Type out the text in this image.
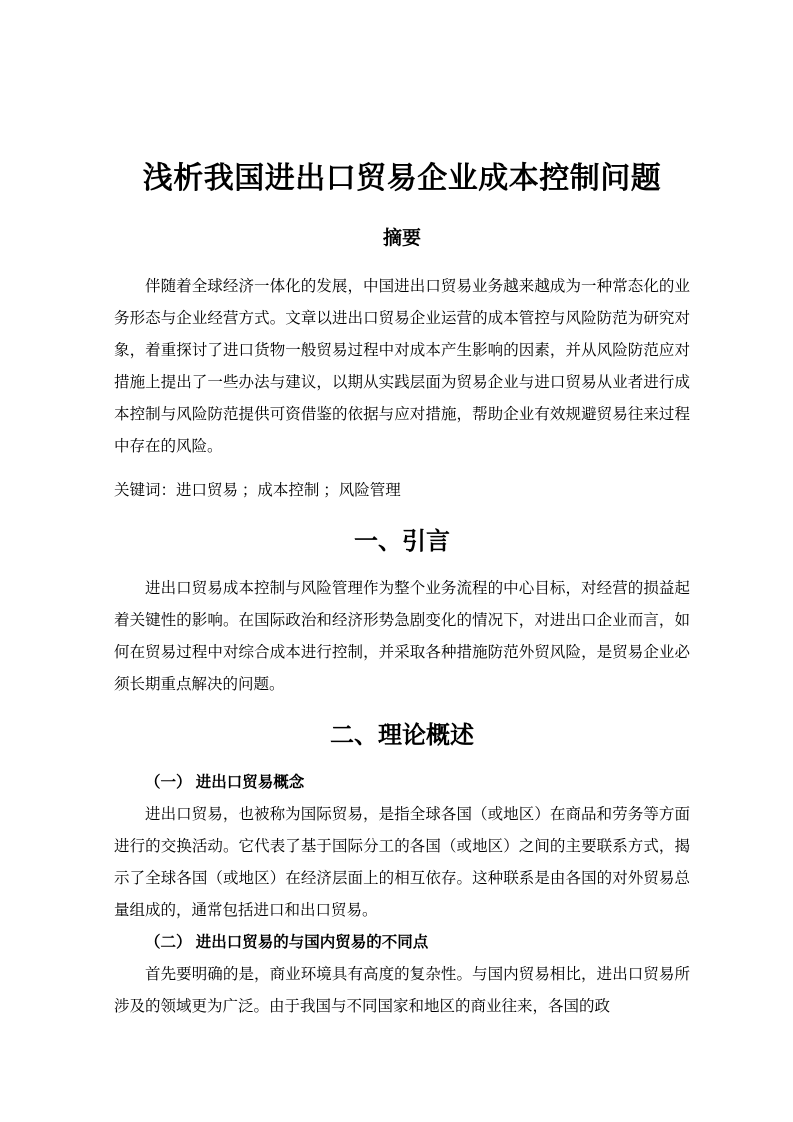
浅析我国进出口贸易企业成本控制问题
摘要

伴随着全球经济一体化的发展，中国进出口贸易业务越来越成为一种常态化的业务形态与企业经营方式。文章以进出口贸易企业运营的成本管控与风险防范为研究对象，着重探讨了进口货物一般贸易过程中对成本产生影响的因素，并从风险防范应对措施上提出了一些办法与建议，以期从实践层面为贸易企业与进口贸易从业者进行成本控制与风险防范提供可资借鉴的依据与应对措施，帮助企业有效规避贸易往来过程中存在的风险。

关键词：进口贸易 ；成本控制 ；风险管理

一、引言

进出口贸易成本控制与风险管理作为整个业务流程的中心目标，对经营的损益起着关键性的影响。在国际政治和经济形势急剧变化的情况下，对进出口企业而言，如何在贸易过程中对综合成本进行控制，并采取各种措施防范外贸风险，是贸易企业必须长期重点解决的问题。

二、理论概述
（一） 进出口贸易概念

进出口贸易，也被称为国际贸易，是指全球各国（或地区）在商品和劳务等方面进行的交换活动。它代表了基于国际分工的各国（或地区）之间的主要联系方式，揭示了全球各国（或地区）在经济层面上的相互依存。这种联系是由各国的对外贸易总量组成的，通常包括进口和出口贸易。

（二） 进出口贸易的与国内贸易的不同点

首先要明确的是，商业环境具有高度的复杂性。与国内贸易相比，进出口贸易所涉及的领域更为广泛。由于我国与不同国家和地区的商业往来，各国的政
